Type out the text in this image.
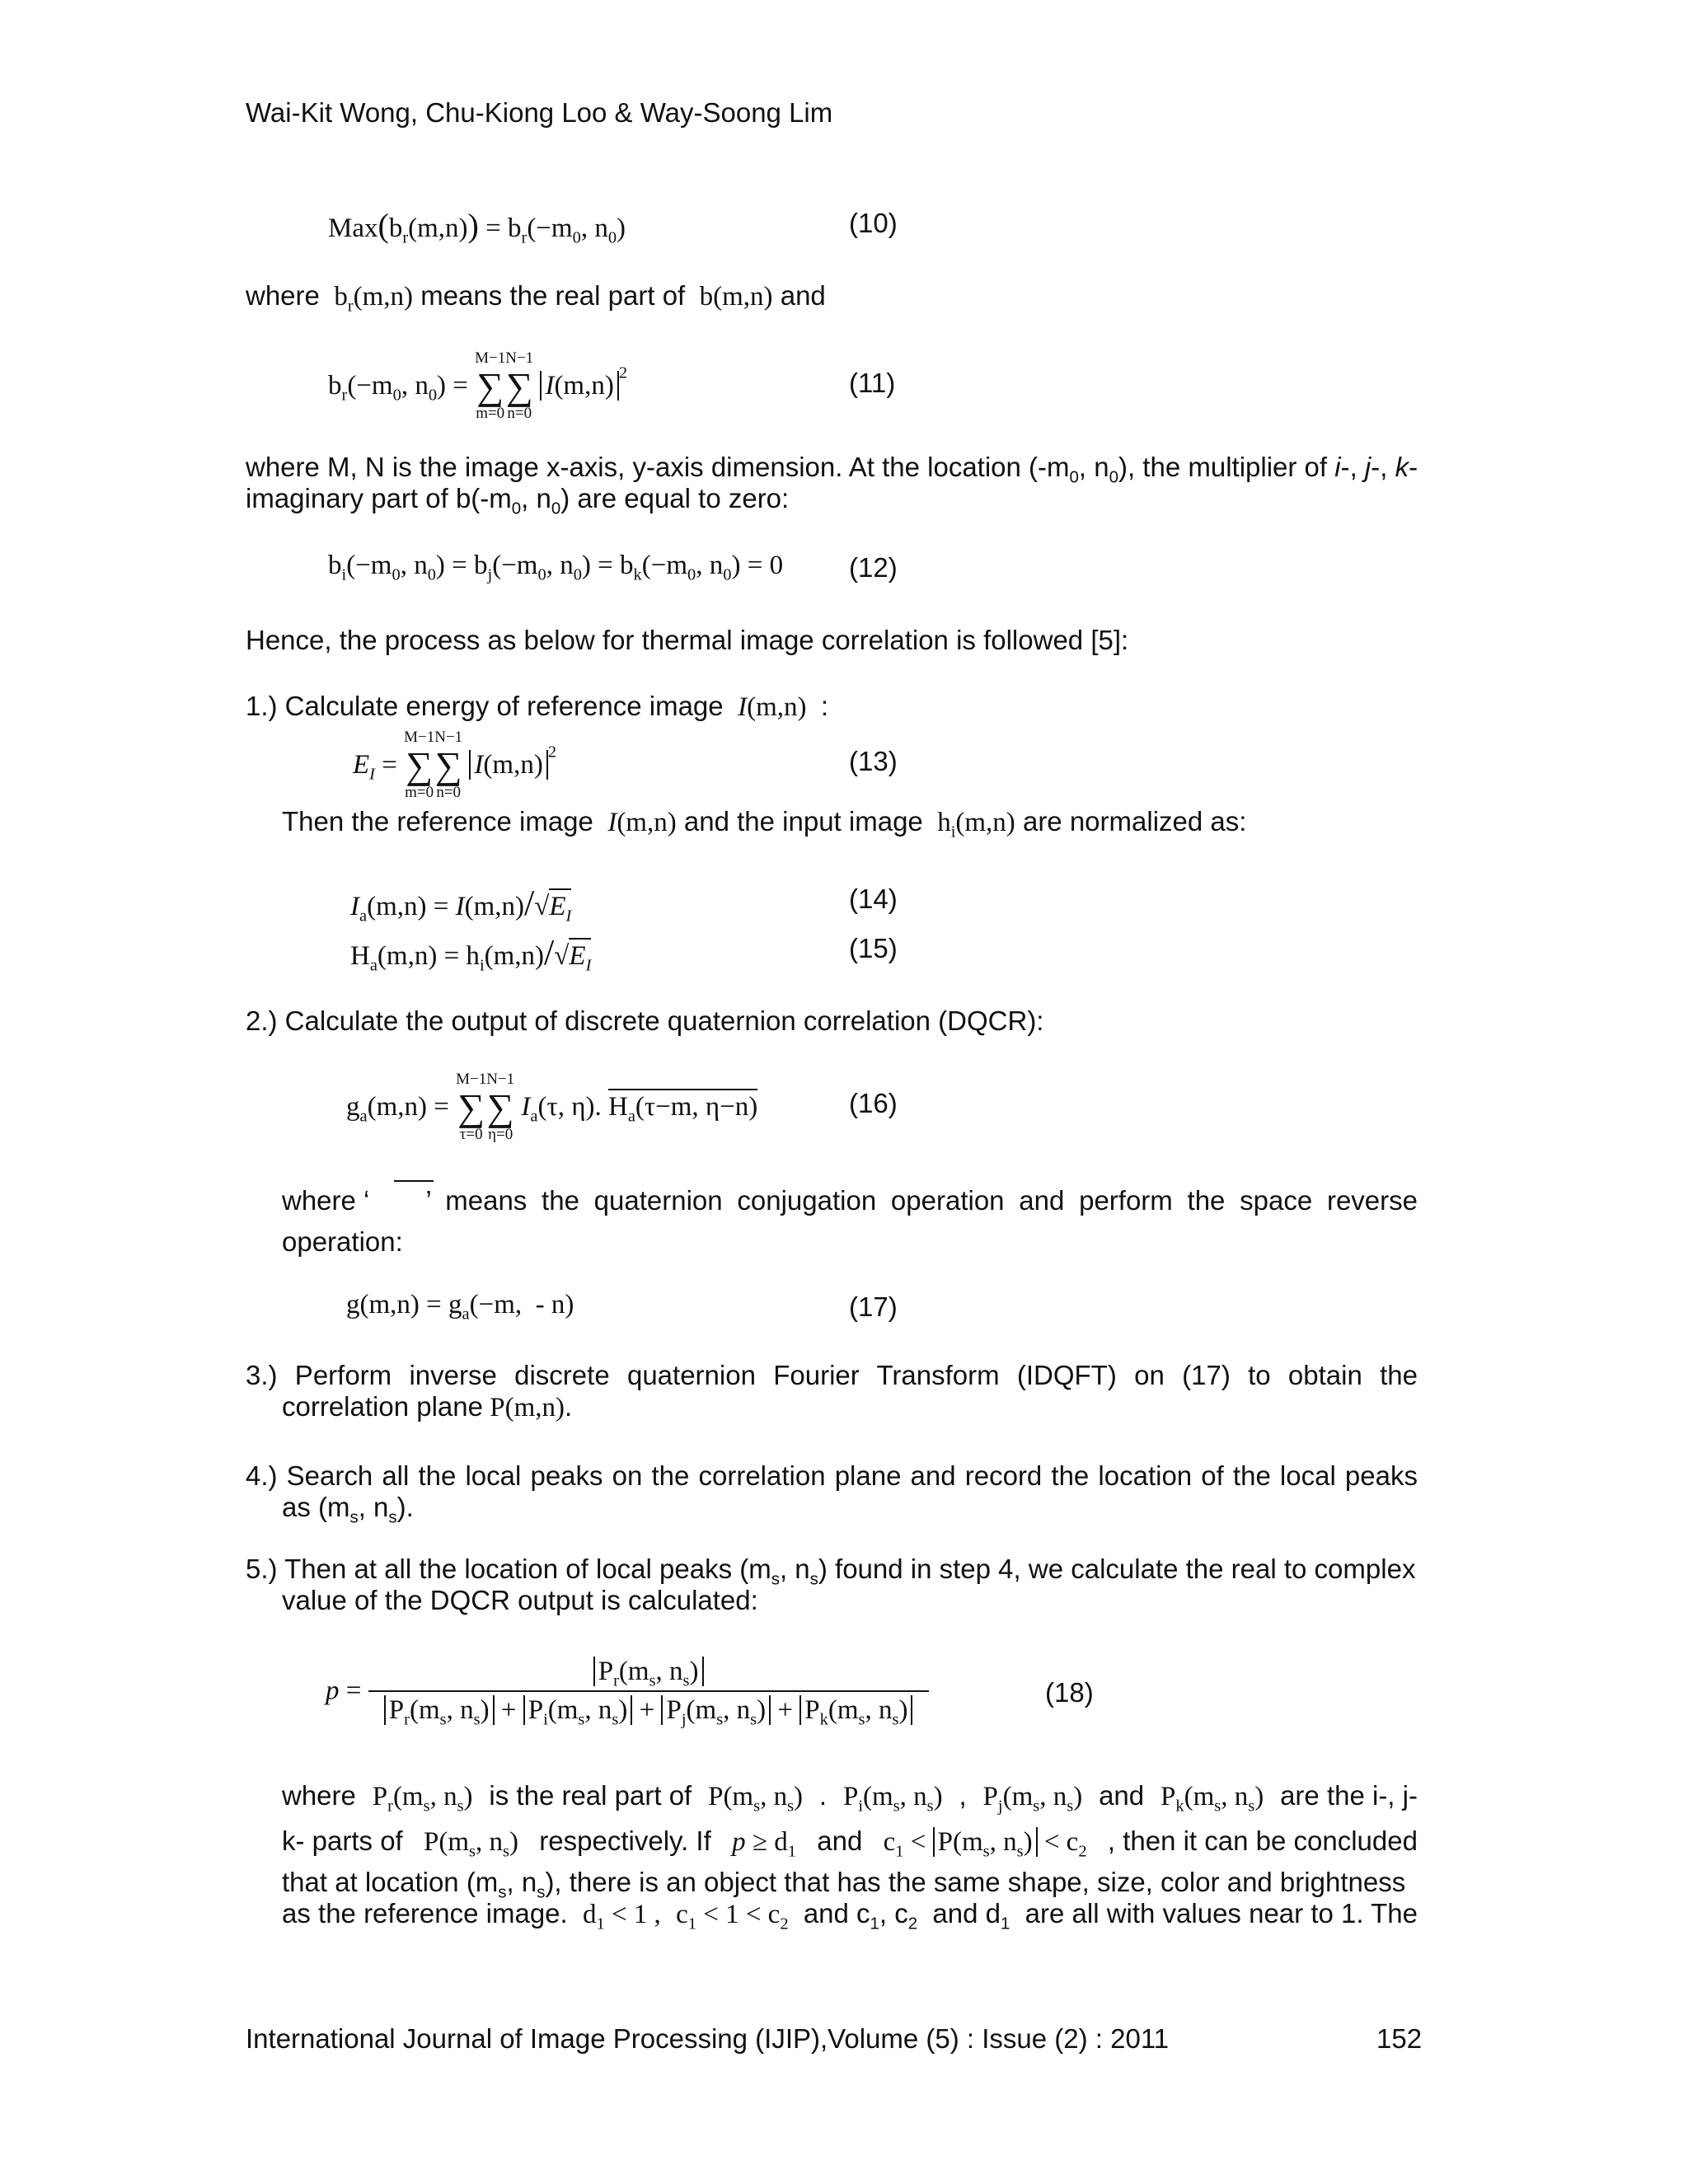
Wai-Kit Wong, Chu-Kiong Loo & Way-Soong Lim
$Max(b_r(m,n)) = b_r(-m_0$, $n_0$)	(10)
where  $b_r(m,n)$ means the real part of  b(m,n) and
$b_r(-m_0$, $n_0$) =
M−1
∑
m=0
N−1
∑
n=0
I(m,n) $^2$	(11)
where M, N is the image x-axis, y-axis dimension. At the location ($-m_0$, $n_0$), the multiplier of i-, j-, k-
imaginary part of $b(-m_0$, $n_0$) are equal to zero:
$b_i(-m_0$, $n_0) = b_j(-m_0$, $n_0) = b_k(-m_0$, $n_0) = 0$ (12)
Hence, the process as below for thermal image correlation is followed [5]:
1.) Calculate energy of reference image I(m,n)  :
$E_I$ =
M−1
∑
m=0
N−1
∑
n=0
I(m,n) $^2$	(13)
Then the reference image I(m,n) and the input image  $h_i(m,n)$ are normalized as:
$I_a(m,n) = I(m,n)/√E_I$
(14)
$H_a(m,n) = h_i(m,n)/√E_I$
(15)
2.) Calculate the output of discrete quaternion correlation (DQCR):
$g_a(m,n)$ =
M−1
∑
τ=0
N−1
∑
η=0
$I_a(\tau$, η). $H_a(\tau-m$, η−n)	(16)
where ‘ ’ means the quaternion conjugation operation and perform the space reverse
operation:
$g(m,n) = g_a(-m$,  - n)	(17)
3.) Perform inverse discrete quaternion Fourier Transform (IDQFT) on (17) to obtain the
correlation plane P(m,n).
4.) Search all the local peaks on the correlation plane and record the location of the local peaks
as ($m_s$, $n_s$).
5.) Then at all the location of local peaks ($m_s$, $n_s$) found in step 4, we calculate the real to complex
value of the DQCR output is calculated:
$p = \frac{P_r(m_s, n_s)}{P_r(m_s, n_s) + P_i(m_s, n_s) + P_j(m_s, n_s) + P_k(m_s, n_s)}$	(18)
where $P_r(m_s$, $n_s$) is the real part of $P(m_s$, $n_s$) . $P_i(m_s$, $n_s$) , $P_j(m_s$, $n_s$) and $P_k(m_s$, $n_s$) are the i-, j-
k- parts of $P(m_s$, $n_s$) respectively. If $p \ge d_1$ and $c_1 < P(m_s$, $n_s) < c_2$ , then it can be concluded
that at location ($m_s$, $n_s$), there is an object that has the same shape, size, color and brightness
as the reference image. $d_1 < 1$ , $c_1 < 1 < c_2$ and $c_1$, $c_2$ and $d_1$ are all with values near to 1. The
International Journal of Image Processing (IJIP),Volume (5) : Issue (2) : 2011	152
